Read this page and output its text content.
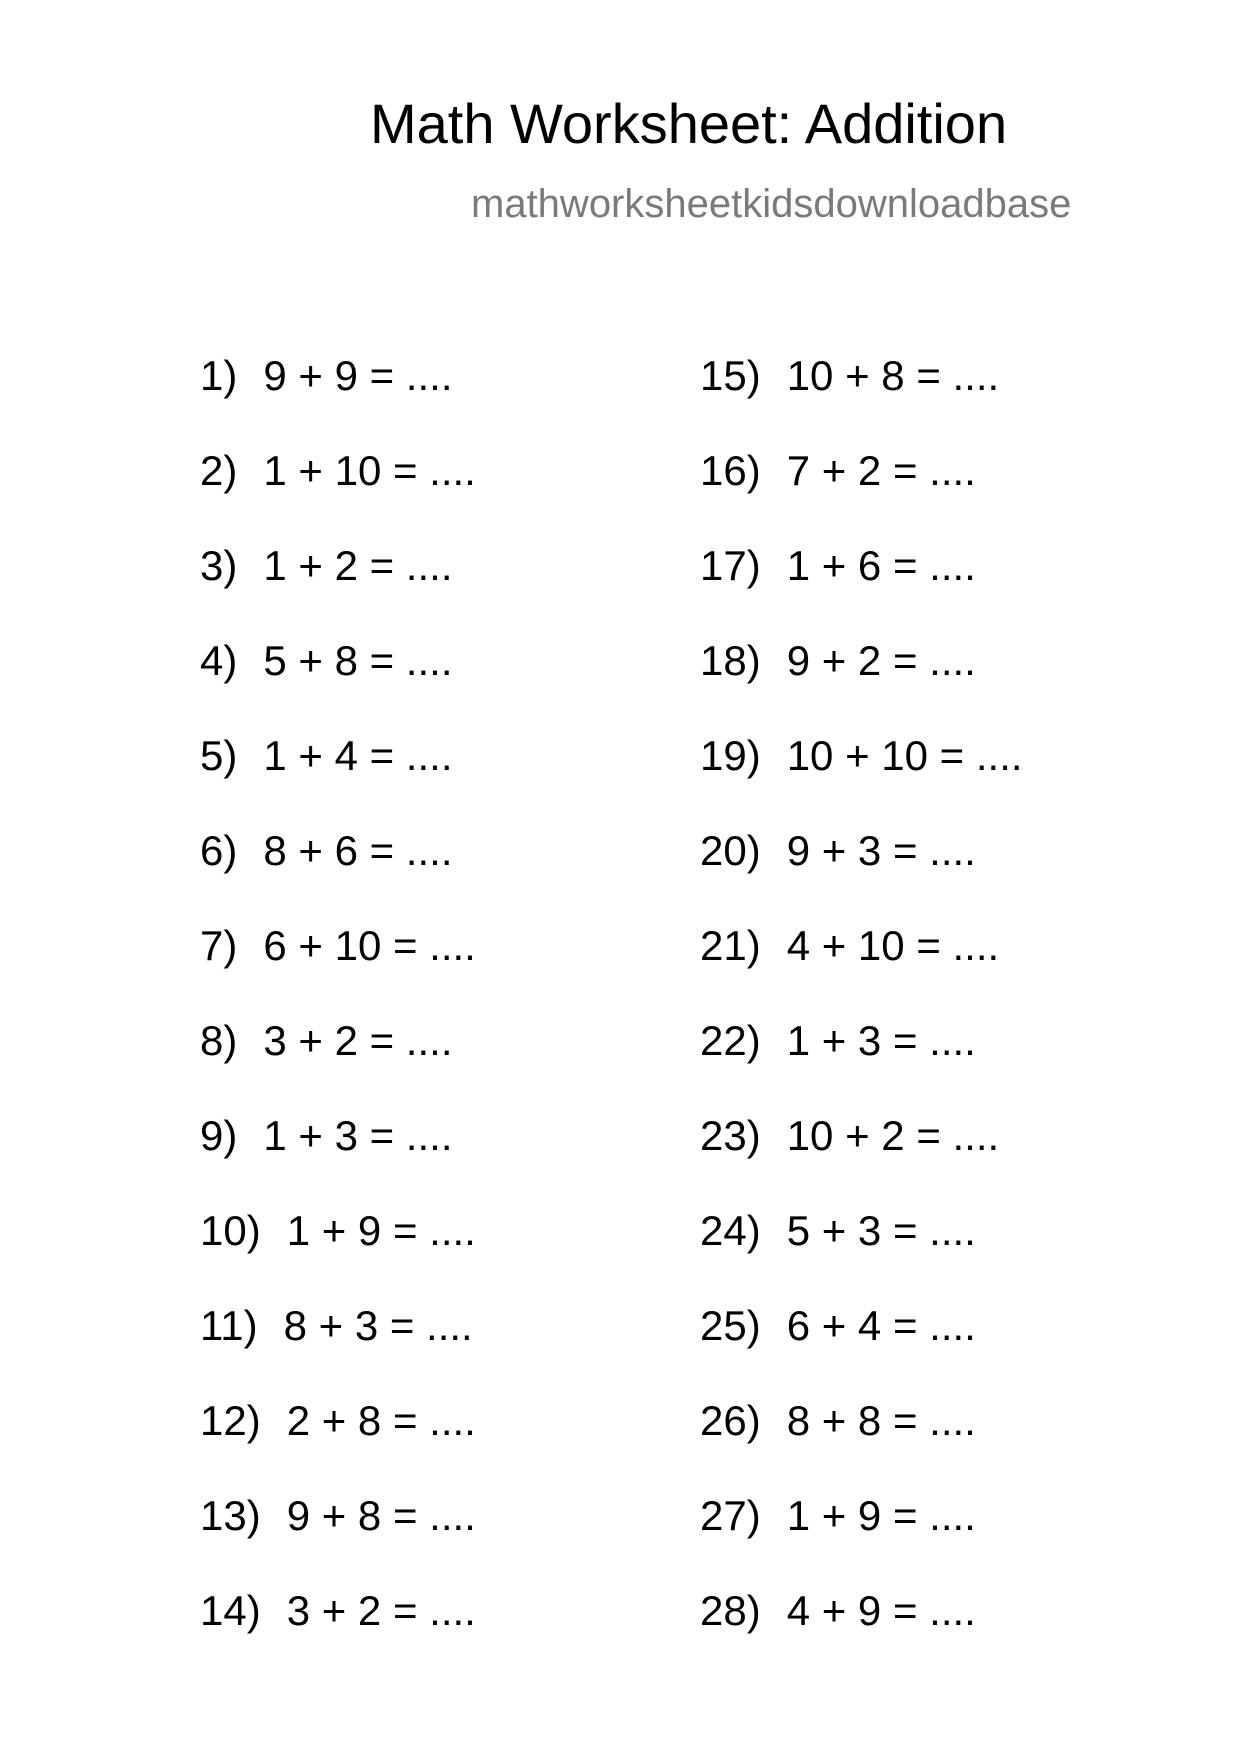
Math Worksheet: Addition
mathworksheetkidsdownloadbase
1) 9 + 9 = ....
2) 1 + 10 = ....
3) 1 + 2 = ....
4) 5 + 8 = ....
5) 1 + 4 = ....
6) 8 + 6 = ....
7) 6 + 10 = ....
8) 3 + 2 = ....
9) 1 + 3 = ....
10) 1 + 9 = ....
11) 8 + 3 = ....
12) 2 + 8 = ....
13) 9 + 8 = ....
14) 3 + 2 = ....
15) 10 + 8 = ....
16) 7 + 2 = ....
17) 1 + 6 = ....
18) 9 + 2 = ....
19) 10 + 10 = ....
20) 9 + 3 = ....
21) 4 + 10 = ....
22) 1 + 3 = ....
23) 10 + 2 = ....
24) 5 + 3 = ....
25) 6 + 4 = ....
26) 8 + 8 = ....
27) 1 + 9 = ....
28) 4 + 9 = ....
